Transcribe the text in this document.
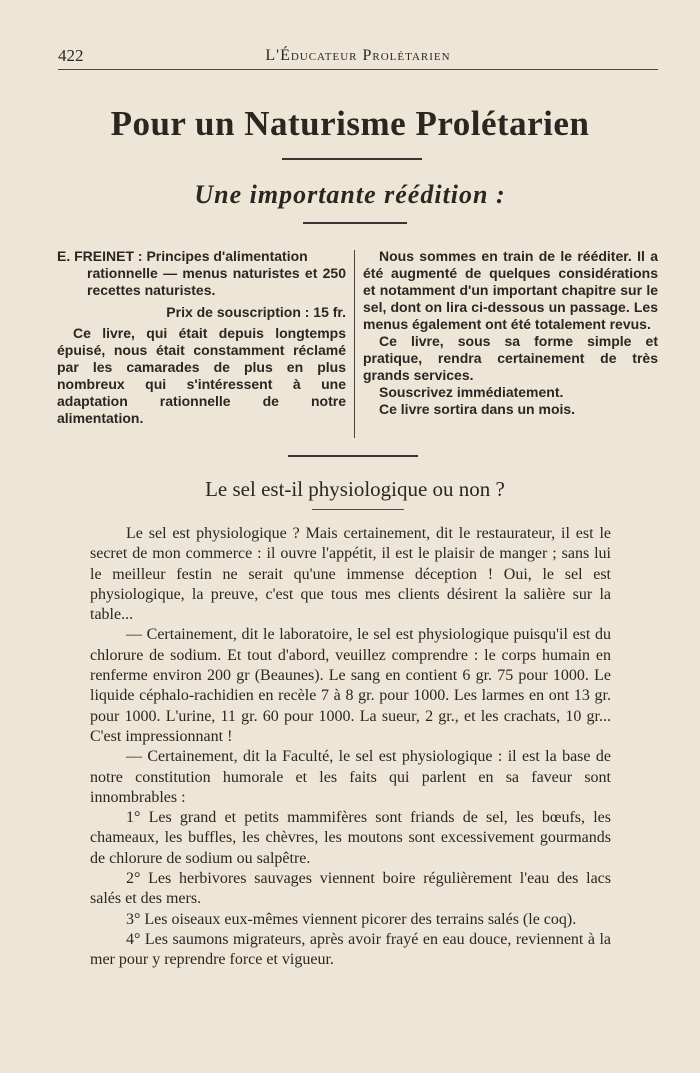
422	L'Éducateur Prolétarien
Pour un Naturisme Prolétarien
Une importante réédition :
E. FREINET : Principes d'alimentation
rationnelle — menus naturistes et 250 recettes naturistes.
Prix de souscription : 15 fr.
Ce livre, qui était depuis longtemps épuisé, nous était constamment réclamé par les camarades de plus en plus nombreux qui s'intéressent à une adaptation rationnelle de notre alimentation.

Nous sommes en train de le rééditer. Il a été augmenté de quelques considérations et notamment d'un important chapitre sur le sel, dont on lira ci-dessous un passage. Les menus également ont été totalement revus.

Ce livre, sous sa forme simple et pratique, rendra certainement de très grands services.

Souscrivez immédiatement.

Ce livre sortira dans un mois.

Le sel est-il physiologique ou non ?

Le sel est physiologique ? Mais certainement, dit le restaurateur, il est le secret de mon commerce : il ouvre l'appétit, il est le plaisir de manger ; sans lui le meilleur festin ne serait qu'une immense déception ! Oui, le sel est physiologique, la preuve, c'est que tous mes clients désirent la salière sur la table...

— Certainement, dit le laboratoire, le sel est physiologique puisqu'il est du chlorure de sodium. Et tout d'abord, veuillez comprendre : le corps humain en renferme environ 200 gr (Beaunes). Le sang en contient 6 gr. 75 pour 1000. Le liquide céphalo-rachidien en recèle 7 à 8 gr. pour 1000. Les larmes en ont 13 gr. pour 1000. L'urine, 11 gr. 60 pour 1000. La sueur, 2 gr., et les crachats, 10 gr... C'est impressionnant !

— Certainement, dit la Faculté, le sel est physiologique : il est la base de notre constitution humorale et les faits qui parlent en sa faveur sont innombrables :

1° Les grand et petits mammifères sont friands de sel, les bœufs, les chameaux, les buffles, les chèvres, les moutons sont excessivement gourmands de chlorure de sodium ou salpêtre.

2° Les herbivores sauvages viennent boire régulièrement l'eau des lacs salés et des mers.

3° Les oiseaux eux-mêmes viennent picorer des terrains salés (le coq).

4° Les saumons migrateurs, après avoir frayé en eau douce, reviennent à la mer pour y reprendre force et vigueur.
